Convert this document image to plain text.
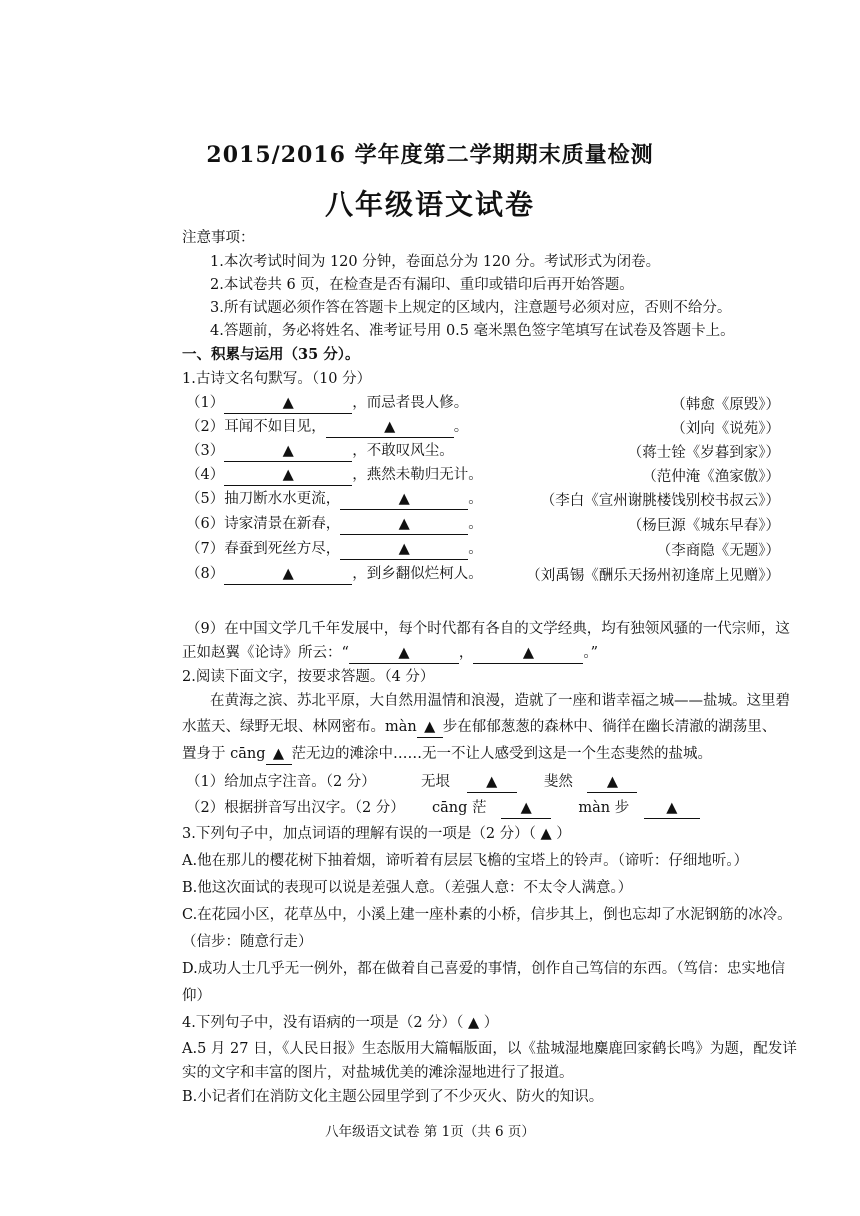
2015/2016 学年度第二学期期末质量检测
八年级语文试卷
注意事项：
1.本次考试时间为 120 分钟，卷面总分为 120 分。考试形式为闭卷。
2.本试卷共 6 页，在检查是否有漏印、重印或错印后再开始答题。
3.所有试题必须作答在答题卡上规定的区域内，注意题号必须对应，否则不给分。
4.答题前，务必将姓名、准考证号用 0.5 毫米黑色签字笔填写在试卷及答题卡上。
一、积累与运用（35 分）。
1.古诗文名句默写。（10 分）
（1）	▲	，而忌者畏人修。	（韩愈《原毁》）
（2）耳闻不如目见，	▲	。	（刘向《说苑》）
（3）	▲	，不敢叹风尘。	（蒋士铨《岁暮到家》）
（4）	▲	，燕然未勒归无计。	（范仲淹《渔家傲》）
（5）抽刀断水水更流，	▲	。	（李白《宣州谢朓楼饯别校书叔云》）
（6）诗家清景在新春，	▲	。	（杨巨源《城东早春》）
（7）春蚕到死丝方尽，	▲	。	（李商隐《无题》）
（8）	▲	，到乡翻似烂柯人。	（刘禹锡《酬乐天扬州初逢席上见赠》）
（9）在中国文学几千年发展中，每个时代都有各自的文学经典，均有独领风骚的一代宗师，这
正如赵翼《论诗》所云：“	▲	，	▲	。”
2.阅读下面文字，按要求答题。（4 分）
在黄海之滨、苏北平原，大自然用温情和浪漫，造就了一座和谐幸福之城——盐城。这里碧
水蓝天、绿野无垠、林网密布。màn ▲ 步在郁郁葱葱的森林中、徜徉在幽长清澈的湖荡里、
置身于 cāng ▲ 茫无边的滩涂中……无一不让人感受到这是一个生态斐然的盐城。
（1）给加点字注音。（2 分）	无垠 ▲	斐然 ▲
（2）根据拼音写出汉字。（2 分） cāng 茫 ▲	màn 步	▲
3.下列句子中，加点词语的理解有误的一项是（2 分）（ ▲ ）
A.他在那儿的樱花树下抽着烟，谛听着有层层飞檐的宝塔上的铃声。（谛听：仔细地听。）
B.他这次面试的表现可以说是差强人意。（差强人意：不太令人满意。）
C.在花园小区，花草丛中，小溪上建一座朴素的小桥，信步其上，倒也忘却了水泥钢筋的冰冷。
（信步：随意行走）
D.成功人士几乎无一例外，都在做着自己喜爱的事情，创作自己笃信的东西。（笃信：忠实地信
仰）
4.下列句子中，没有语病的一项是（2 分）（ ▲ ）
A.5 月 27 日，《人民日报》生态版用大篇幅版面，以《盐城湿地麋鹿回家鹤长鸣》为题，配发详
实的文字和丰富的图片，对盐城优美的滩涂湿地进行了报道。
B.小记者们在消防文化主题公园里学到了不少灭火、防火的知识。
八年级语文试卷 第 1页（共 6 页）
